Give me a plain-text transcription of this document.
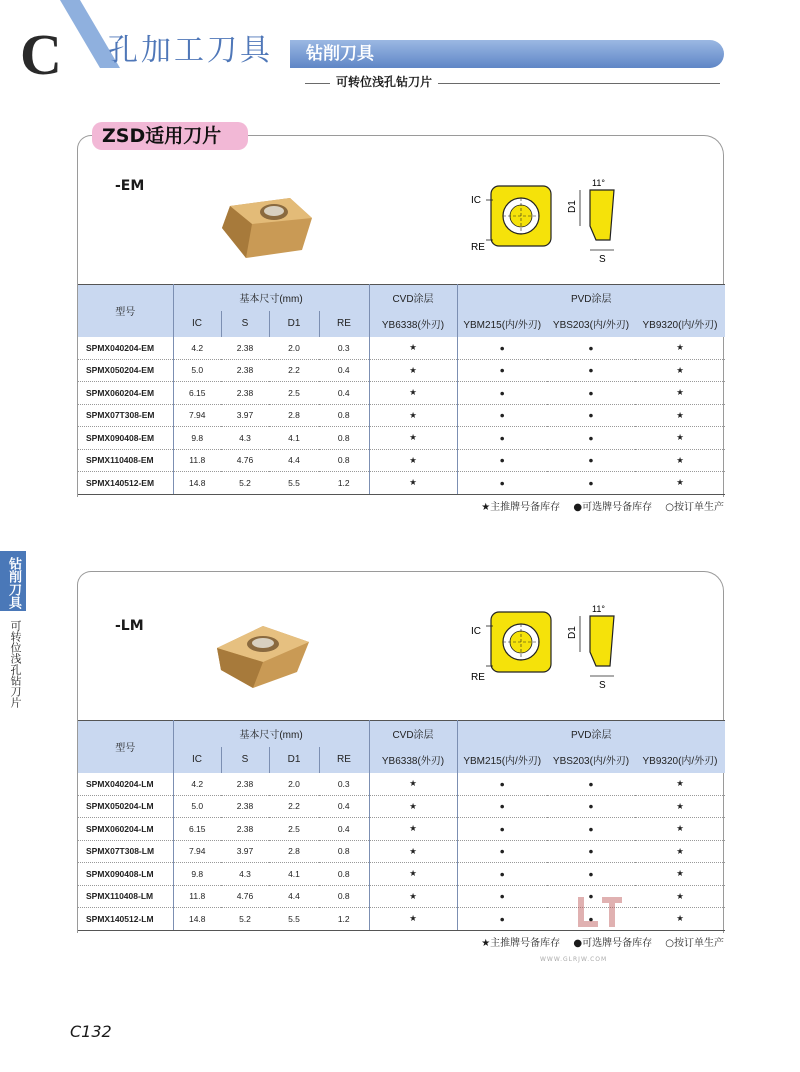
C 孔加工刀具 钻削刀具
可转位浅孔钻刀片
ZSD适用刀片
-EM
IC
RE
D1
S
11°
型号	基本尺寸(mm)				CVD涂层	PVD涂层		
	IC	S	D1	RE	YB6338(外刃)	YBM215(内/外刃)	YBS203(内/外刃)	YB9320(内/外刃)
SPMX040204-EM	4.2	2.38	2.0	0.3	★	●	●	★
SPMX050204-EM	5.0	2.38	2.2	0.4	★	●	●	★
SPMX060204-EM	6.15	2.38	2.5	0.4	★	●	●	★
SPMX07T308-EM	7.94	3.97	2.8	0.8	★	●	●	★
SPMX090408-EM	9.8	4.3	4.1	0.8	★	●	●	★
SPMX110408-EM	11.8	4.76	4.4	0.8	★	●	●	★
SPMX140512-EM	14.8	5.2	5.5	1.2	★	●	●	★
★主推牌号备库存 ●可选牌号备库存 ○按订单生产
钻削刀具
可转位浅孔钻刀片	-LM	IC
RE
D1
S
11°
型号	基本尺寸(mm)				CVD涂层	PVD涂层		
	IC	S	D1	RE	YB6338(外刃)	YBM215(内/外刃)	YBS203(内/外刃)	YB9320(内/外刃)
SPMX040204-LM	4.2	2.38	2.0	0.3	★	●	●	★
SPMX050204-LM	5.0	2.38	2.2	0.4	★	●	●	★
SPMX060204-LM	6.15	2.38	2.5	0.4	★	●	●	★
SPMX07T308-LM	7.94	3.97	2.8	0.8	★	●	●	★
SPMX090408-LM	9.8	4.3	4.1	0.8	★	●	●	★
SPMX110408-LM	11.8	4.76	4.4	0.8	★	●	●	★
SPMX140512-LM	14.8	5.2	5.5	1.2	★	●	●	★
★主推牌号备库存 ●可选牌号备库存 ○按订单生产
WWW.GLRJW.COM
C132
